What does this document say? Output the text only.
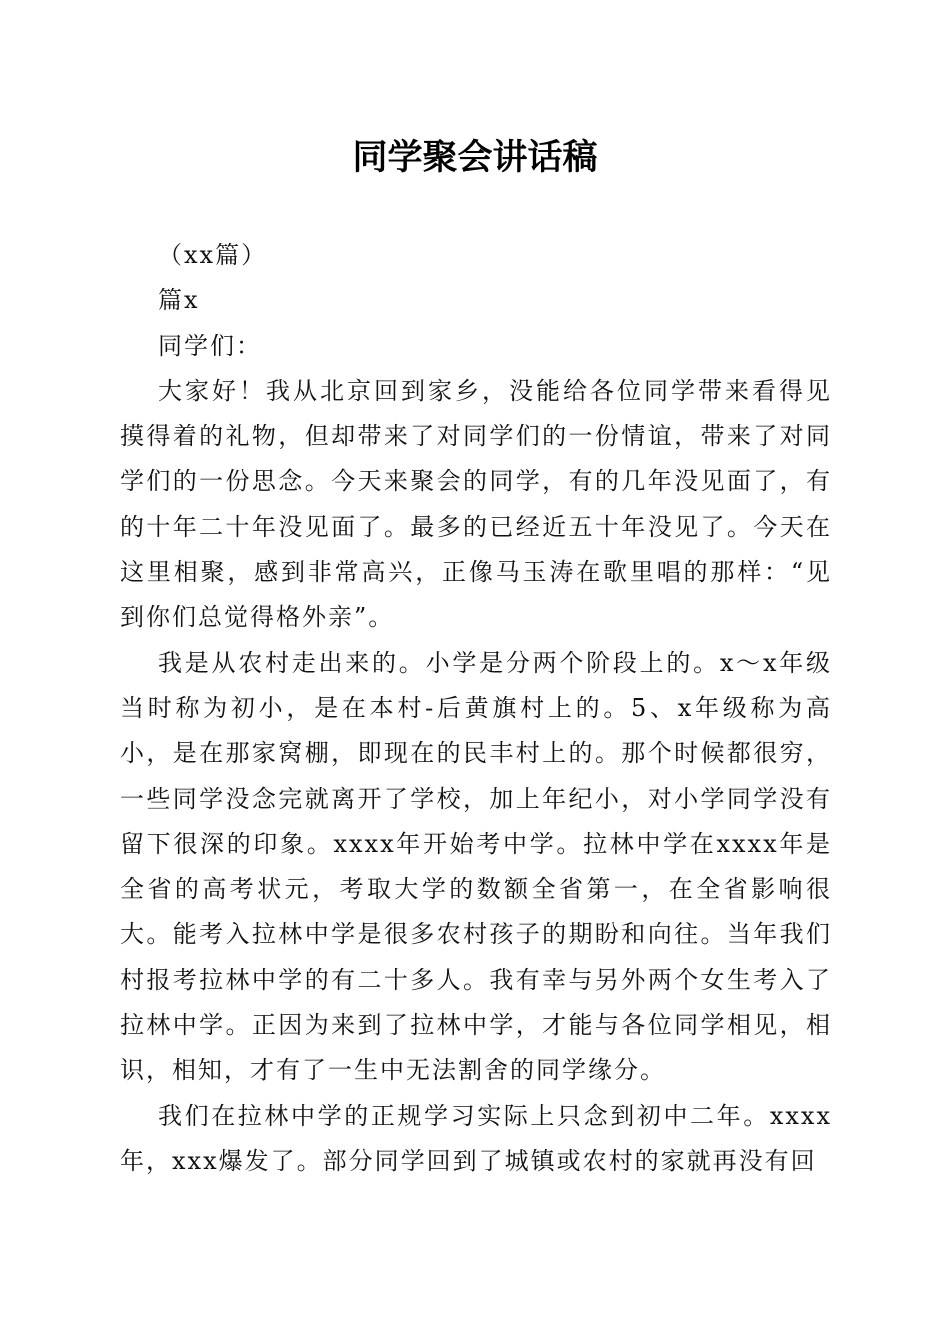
同学聚会讲话稿

（xx篇）

篇x

同学们：

大家好！我从北京回到家乡，没能给各位同学带来看得见摸得着的礼物，但却带来了对同学们的一份情谊，带来了对同学们的一份思念。今天来聚会的同学，有的几年没见面了，有的十年二十年没见面了。最多的已经近五十年没见了。今天在这里相聚，感到非常高兴，正像马玉涛在歌里唱的那样：“见到你们总觉得格外亲”。

我是从农村走出来的。小学是分两个阶段上的。x～x年级当时称为初小，是在本村-后黄旗村上的。5、x年级称为高小，是在那家窝棚，即现在的民丰村上的。那个时候都很穷，一些同学没念完就离开了学校，加上年纪小，对小学同学没有留下很深的印象。xxxx年开始考中学。拉林中学在xxxx年是全省的高考状元，考取大学的数额全省第一，在全省影响很大。能考入拉林中学是很多农村孩子的期盼和向往。当年我们村报考拉林中学的有二十多人。我有幸与另外两个女生考入了拉林中学。正因为来到了拉林中学，才能与各位同学相见，相识，相知，才有了一生中无法割舍的同学缘分。

我们在拉林中学的正规学习实际上只念到初中二年。xxxx年，xxx爆发了。部分同学回到了城镇或农村的家就再没有回
